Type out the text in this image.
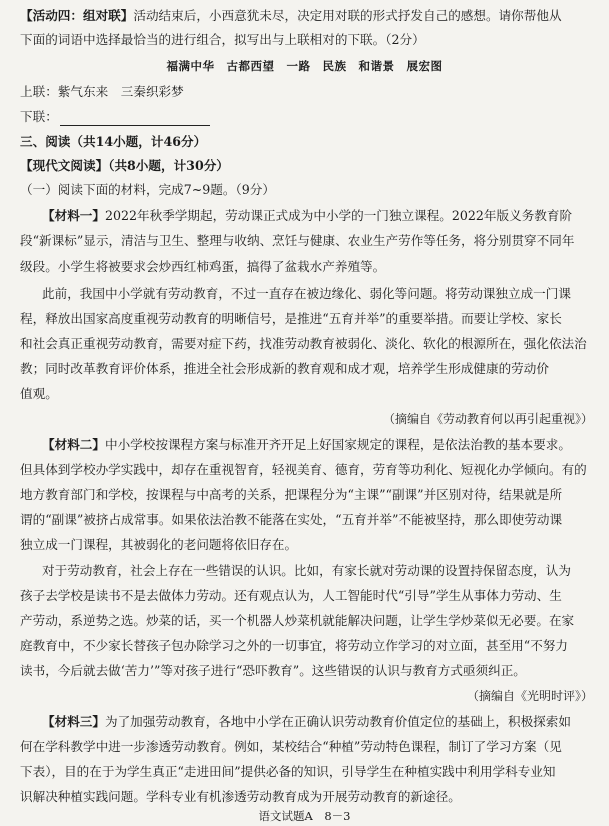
【活动四：组对联】活动结束后，小西意犹未尽，决定用对联的形式抒发自己的感想。请你帮他从
下面的词语中选择最恰当的进行组合，拟写出与上联相对的下联。（2分）
福满中华　古都西望　一路　民族　和谐景　展宏图
上联：紫气东来　三秦织彩梦
下联：
三、阅读（共14小题，计46分）
【现代文阅读】（共8小题，计30分）
（一）阅读下面的材料，完成7~9题。（9分）
【材料一】2022年秋季学期起，劳动课正式成为中小学的一门独立课程。2022年版义务教育阶
段“新课标”显示，清洁与卫生、整理与收纳、烹饪与健康、农业生产劳作等任务，将分别贯穿不同年
级段。小学生将被要求会炒西红柿鸡蛋，搞得了盆栽水产养殖等。
此前，我国中小学就有劳动教育，不过一直存在被边缘化、弱化等问题。将劳动课独立成一门课
程，释放出国家高度重视劳动教育的明晰信号，是推进“五育并举”的重要举措。而要让学校、家长
和社会真正重视劳动教育，需要对症下药，找准劳动教育被弱化、淡化、软化的根源所在，强化依法治
教；同时改革教育评价体系，推进全社会形成新的教育观和成才观，培养学生形成健康的劳动价
值观。
（摘编自《劳动教育何以再引起重视》）
【材料二】中小学校按课程方案与标准开齐开足上好国家规定的课程，是依法治教的基本要求。
但具体到学校办学实践中，却存在重视智育，轻视美育、德育，劳育等功利化、短视化办学倾向。有的
地方教育部门和学校，按课程与中高考的关系，把课程分为“主课”“副课”并区别对待，结果就是所
谓的“副课”被挤占成常事。如果依法治教不能落在实处，“五育并举”不能被坚持，那么即使劳动课
独立成一门课程，其被弱化的老问题将依旧存在。
对于劳动教育，社会上存在一些错误的认识。比如，有家长就对劳动课的设置持保留态度，认为
孩子去学校是读书不是去做体力劳动。还有观点认为，人工智能时代“引导”学生从事体力劳动、生
产劳动，系逆势之选。炒菜的话，买一个机器人炒菜机就能解决问题，让学生学炒菜似无必要。在家
庭教育中，不少家长替孩子包办除学习之外的一切事宜，将劳动立作学习的对立面，甚至用“不努力
读书，今后就去做‘苦力’”等对孩子进行“恐吓教育”。这些错误的认识与教育方式亟须纠正。
（摘编自《光明时评》）
【材料三】为了加强劳动教育，各地中小学在正确认识劳动教育价值定位的基础上，积极探索如
何在学科教学中进一步渗透劳动教育。例如，某校结合“种植”劳动特色课程，制订了学习方案（见
下表），目的在于为学生真正“走进田间”提供必备的知识，引导学生在种植实践中利用学科专业知
识解决种植实践问题。学科专业有机渗透劳动教育成为开展劳动教育的新途径。
语文试题A　8－3
